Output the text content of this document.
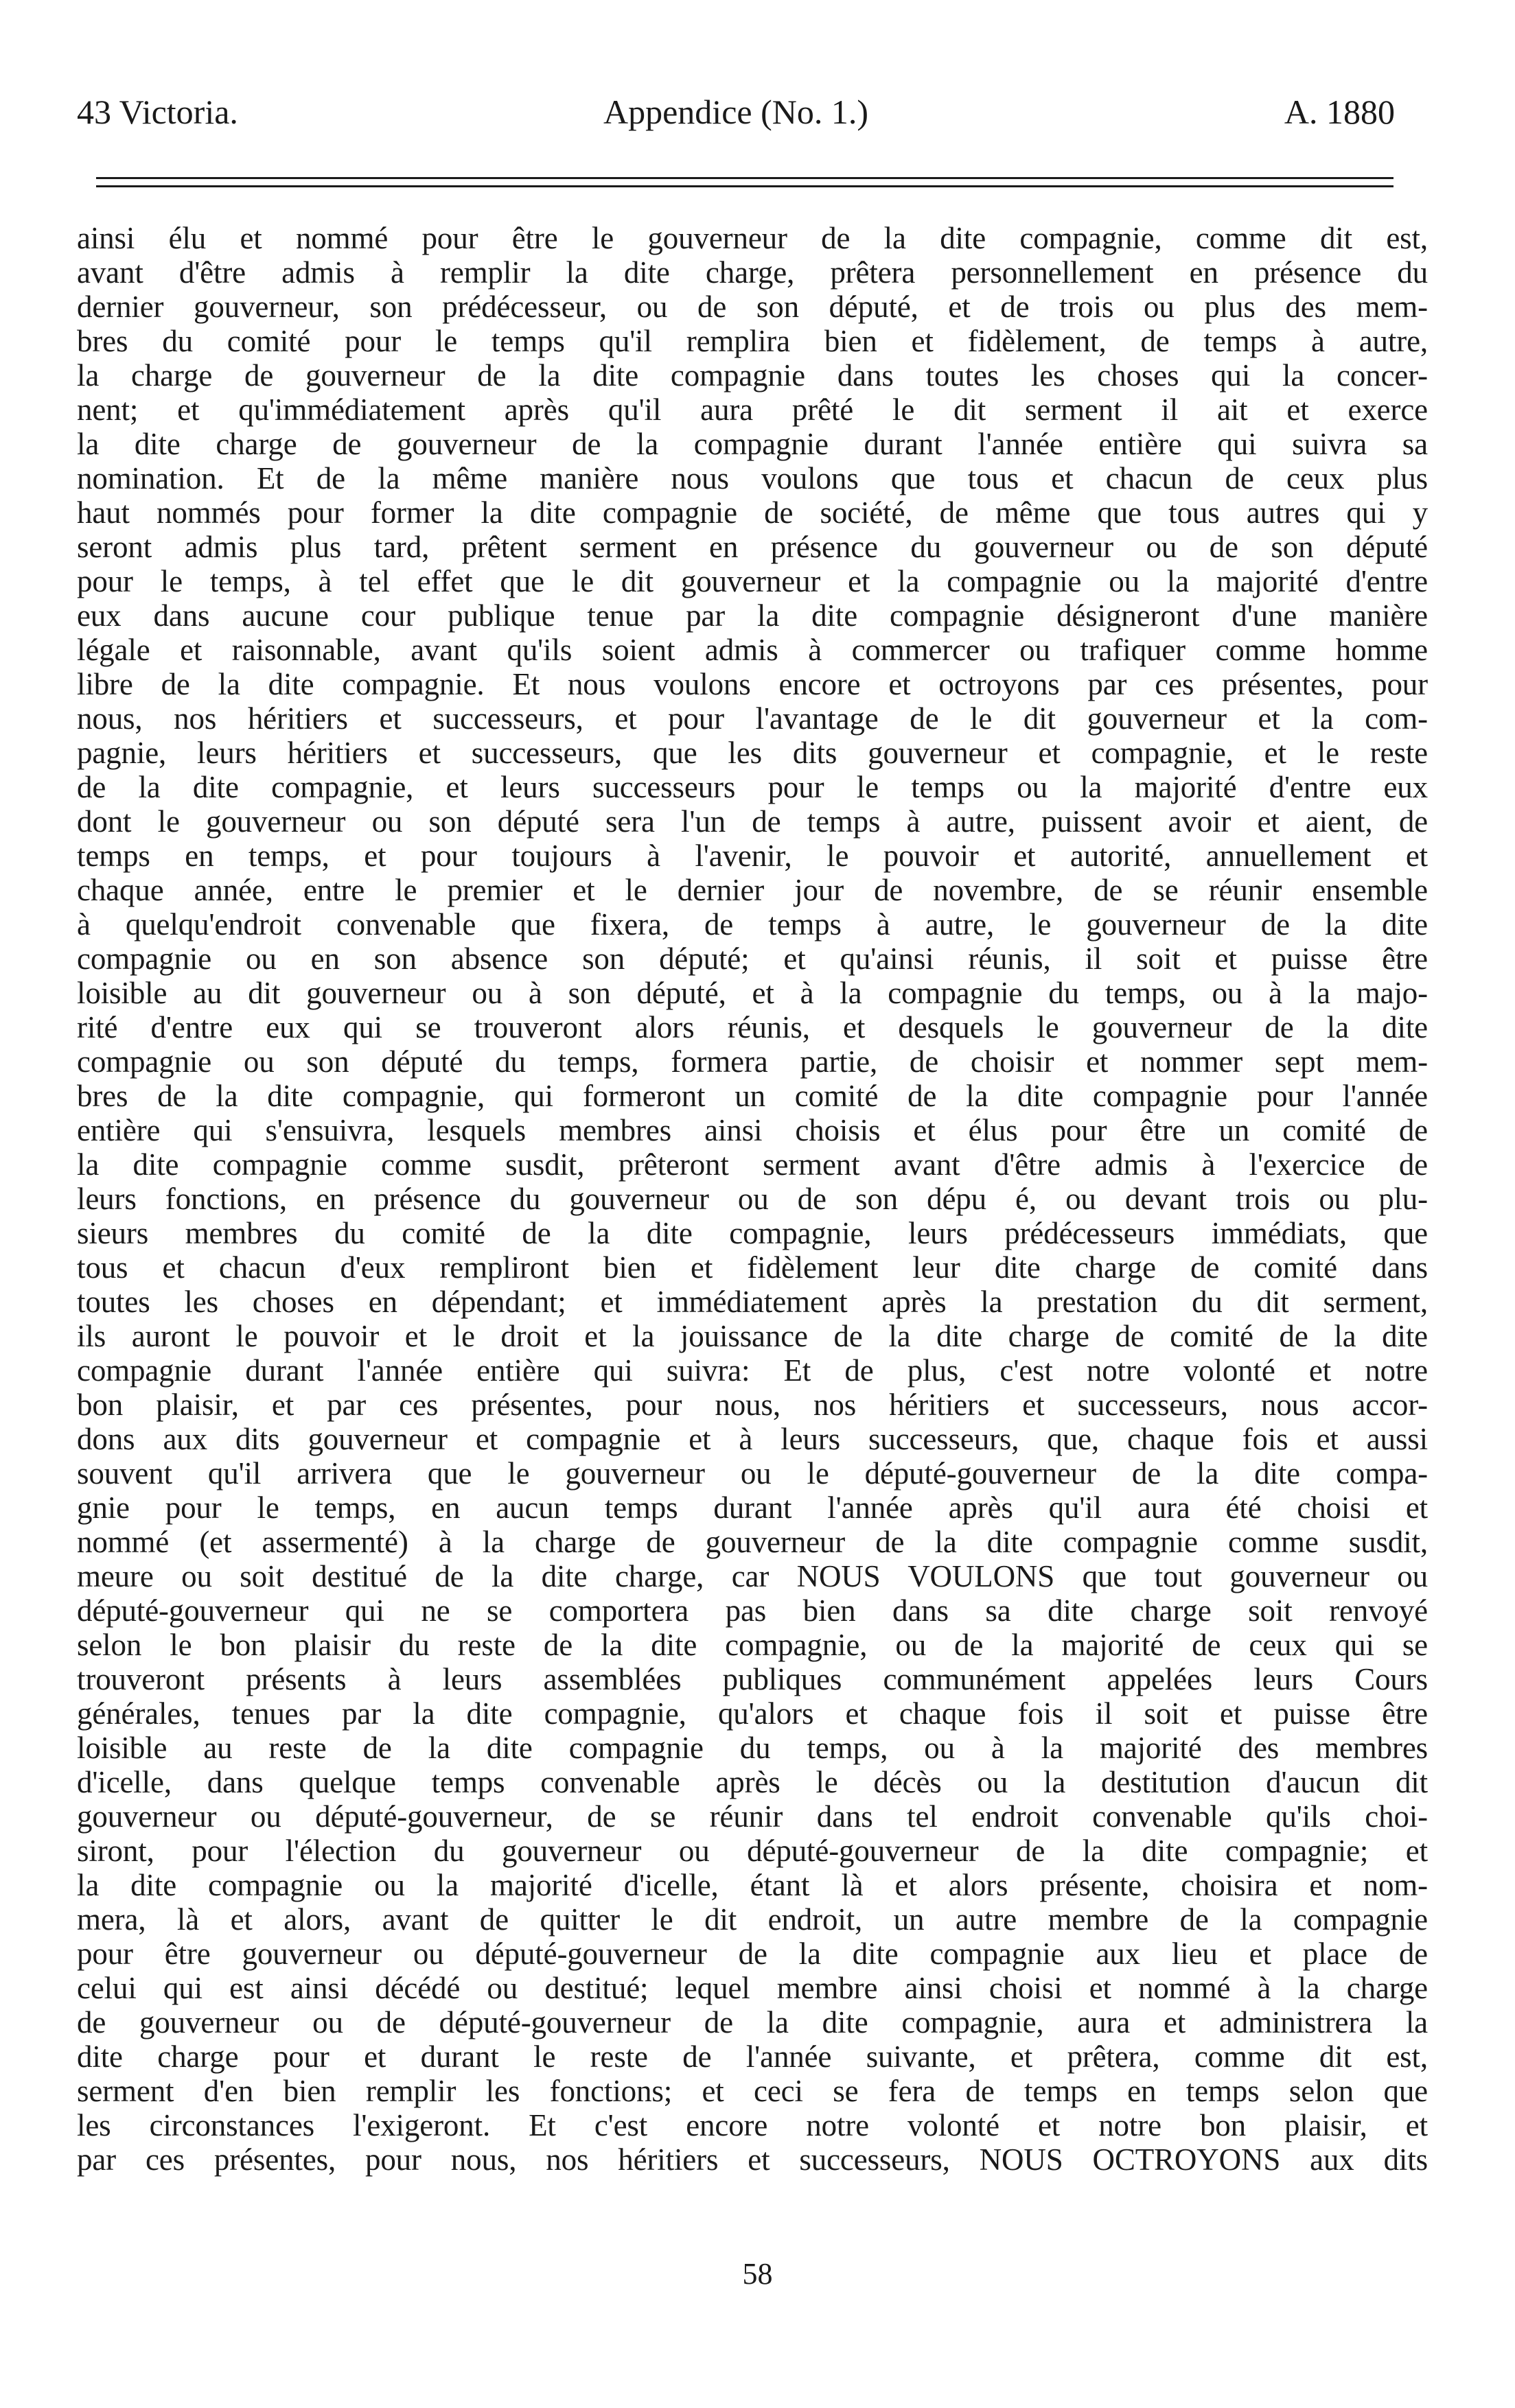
43 Victoria.	Appendice (No. 1.)	A. 1880
ainsi élu et nommé pour être le gouverneur de la dite compagnie, comme dit est,
avant d'être admis à remplir la dite charge, prêtera personnellement en présence du
dernier gouverneur, son prédécesseur, ou de son député, et de trois ou plus des mem-
bres du comité pour le temps qu'il remplira bien et fidèlement, de temps à autre,
la charge de gouverneur de la dite compagnie dans toutes les choses qui la concer-
nent; et qu'immédiatement après qu'il aura prêté le dit serment il ait et exerce
la dite charge de gouverneur de la compagnie durant l'année entière qui suivra sa
nomination. Et de la même manière nous voulons que tous et chacun de ceux plus
haut nommés pour former la dite compagnie de société, de même que tous autres qui y
seront admis plus tard, prêtent serment en présence du gouverneur ou de son député
pour le temps, à tel effet que le dit gouverneur et la compagnie ou la majorité d'entre
eux dans aucune cour publique tenue par la dite compagnie désigneront d'une manière
légale et raisonnable, avant qu'ils soient admis à commercer ou trafiquer comme homme
libre de la dite compagnie. Et nous voulons encore et octroyons par ces présentes, pour
nous, nos héritiers et successeurs, et pour l'avantage de le dit gouverneur et la com-
pagnie, leurs héritiers et successeurs, que les dits gouverneur et compagnie, et le reste
de la dite compagnie, et leurs successeurs pour le temps ou la majorité d'entre eux
dont le gouverneur ou son député sera l'un de temps à autre, puissent avoir et aient, de
temps en temps, et pour toujours à l'avenir, le pouvoir et autorité, annuellement et
chaque année, entre le premier et le dernier jour de novembre, de se réunir ensemble
à quelqu'endroit convenable que fixera, de temps à autre, le gouverneur de la dite
compagnie ou en son absence son député; et qu'ainsi réunis, il soit et puisse être
loisible au dit gouverneur ou à son député, et à la compagnie du temps, ou à la majo-
rité d'entre eux qui se trouveront alors réunis, et desquels le gouverneur de la dite
compagnie ou son député du temps, formera partie, de choisir et nommer sept mem-
bres de la dite compagnie, qui formeront un comité de la dite compagnie pour l'année
entière qui s'ensuivra, lesquels membres ainsi choisis et élus pour être un comité de
la dite compagnie comme susdit, prêteront serment avant d'être admis à l'exercice de
leurs fonctions, en présence du gouverneur ou de son dépu é, ou devant trois ou plu-
sieurs membres du comité de la dite compagnie, leurs prédécesseurs immédiats, que
tous et chacun d'eux rempliront bien et fidèlement leur dite charge de comité dans
toutes les choses en dépendant; et immédiatement après la prestation du dit serment,
ils auront le pouvoir et le droit et la jouissance de la dite charge de comité de la dite
compagnie durant l'année entière qui suivra: Et de plus, c'est notre volonté et notre
bon plaisir, et par ces présentes, pour nous, nos héritiers et successeurs, nous accor-
dons aux dits gouverneur et compagnie et à leurs successeurs, que, chaque fois et aussi
souvent qu'il arrivera que le gouverneur ou le député-gouverneur de la dite compa-
gnie pour le temps, en aucun temps durant l'année après qu'il aura été choisi et
nommé (et assermenté) à la charge de gouverneur de la dite compagnie comme susdit,
meure ou soit destitué de la dite charge, car NOUS VOULONS que tout gouverneur ou
député-gouverneur qui ne se comportera pas bien dans sa dite charge soit renvoyé
selon le bon plaisir du reste de la dite compagnie, ou de la majorité de ceux qui se
trouveront présents à leurs assemblées publiques communément appelées leurs Cours
générales, tenues par la dite compagnie, qu'alors et chaque fois il soit et puisse être
loisible au reste de la dite compagnie du temps, ou à la majorité des membres
d'icelle, dans quelque temps convenable après le décès ou la destitution d'aucun dit
gouverneur ou député-gouverneur, de se réunir dans tel endroit convenable qu'ils choi-
siront, pour l'élection du gouverneur ou député-gouverneur de la dite compagnie; et
la dite compagnie ou la majorité d'icelle, étant là et alors présente, choisira et nom-
mera, là et alors, avant de quitter le dit endroit, un autre membre de la compagnie
pour être gouverneur ou député-gouverneur de la dite compagnie aux lieu et place de
celui qui est ainsi décédé ou destitué; lequel membre ainsi choisi et nommé à la charge
de gouverneur ou de député-gouverneur de la dite compagnie, aura et administrera la
dite charge pour et durant le reste de l'année suivante, et prêtera, comme dit est,
serment d'en bien remplir les fonctions; et ceci se fera de temps en temps selon que
les circonstances l'exigeront. Et c'est encore notre volonté et notre bon plaisir, et
par ces présentes, pour nous, nos héritiers et successeurs, NOUS OCTROYONS aux dits
58
